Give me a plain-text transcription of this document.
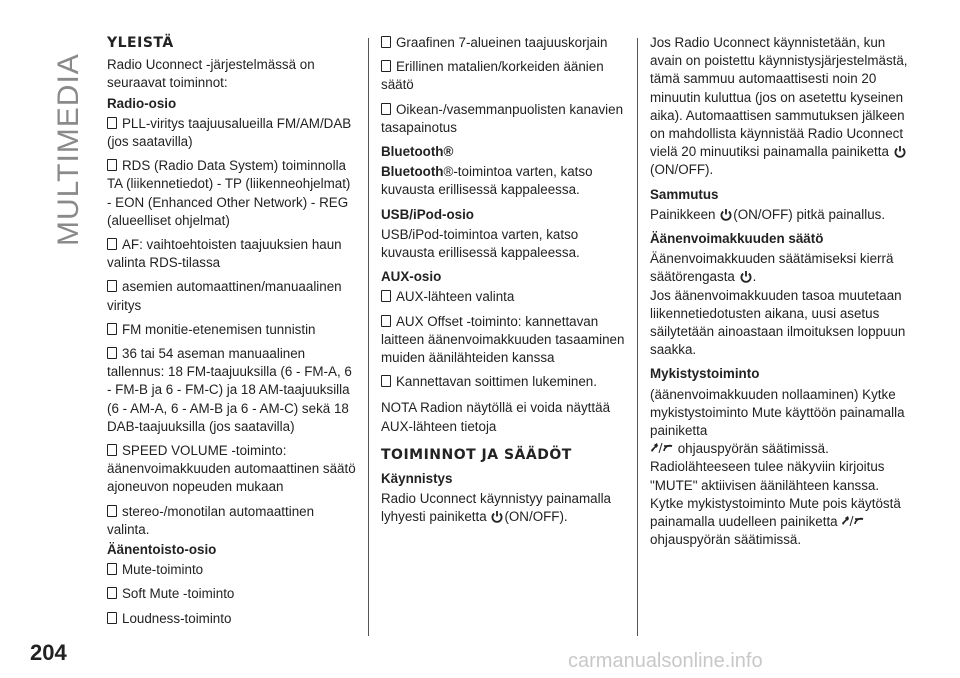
MULTIMEDIA
204	carmanualsonline.info
YLEISTÄ
Radio Uconnect -järjestelmässä on seuraavat toiminnot:
Radio-osio
PLL-viritys taajuusalueilla FM/AM/DAB (jos saatavilla)
RDS (Radio Data System) toiminnolla TA (liikennetiedot) - TP (liikenneohjelmat) - EON (Enhanced Other Network) - REG (alueelliset ohjelmat)
AF: vaihtoehtoisten taajuuksien haun valinta RDS-tilassa
asemien automaattinen/manuaalinen viritys
FM monitie-etenemisen tunnistin
36 tai 54 aseman manuaalinen tallennus: 18 FM-taajuuksilla (6 - FM-A, 6 - FM-B ja 6 - FM-C) ja 18 AM-taajuuksilla (6 - AM-A, 6 - AM-B ja 6 - AM-C) sekä 18 DAB-taajuuksilla (jos saatavilla)
SPEED VOLUME -toiminto: äänenvoimakkuuden automaattinen säätö ajoneuvon nopeuden mukaan
stereo-/monotilan automaattinen valinta.
Äänentoisto-osio
Mute-toiminto
Soft Mute -toiminto
Loudness-toiminto
Graafinen 7-alueinen taajuuskorjain
Erillinen matalien/korkeiden äänien säätö
Oikean-/vasemmanpuolisten kanavien tasapainotus
Bluetooth®
Bluetooth®-toimintoa varten, katso kuvausta erillisessä kappaleessa.
USB/iPod-osio
USB/iPod-toimintoa varten, katso kuvausta erillisessä kappaleessa.
AUX-osio
AUX-lähteen valinta
AUX Offset -toiminto: kannettavan laitteen äänenvoimakkuuden tasaaminen muiden äänilähteiden kanssa
Kannettavan soittimen lukeminen.
NOTA Radion näytöllä ei voida näyttää AUX-lähteen tietoja
TOIMINNOT JA SÄÄDÖT
Käynnistys
Radio Uconnect käynnistyy painamalla lyhyesti painiketta (ON/OFF).
Jos Radio Uconnect käynnistetään, kun avain on poistettu käynnistysjärjestelmästä, tämä sammuu automaattisesti noin 20 minuutin kuluttua (jos on asetettu kyseinen aika). Automaattisen sammutuksen jälkeen on mahdollista käynnistää Radio Uconnect vielä 20 minuutiksi painamalla painiketta (ON/OFF).
Sammutus
Painikkeen (ON/OFF) pitkä painallus.
Äänenvoimakkuuden säätö
Äänenvoimakkuuden säätämiseksi kierrä säätörengasta .
Jos äänenvoimakkuuden tasoa muutetaan liikennetiedotusten aikana, uusi asetus säilytetään ainoastaan ilmoituksen loppuun saakka.
Mykistystoiminto
(äänenvoimakkuuden nollaaminen) Kytke mykistystoiminto Mute käyttöön painamalla painiketta
ohjauspyörän säätimissä.
Radiolähteeseen tulee näkyviin kirjoitus "MUTE" aktiivisen äänilähteen kanssa.
Kytke mykistystoiminto Mute pois käytöstä painamalla uudelleen painiketta  ohjauspyörän säätimissä.
